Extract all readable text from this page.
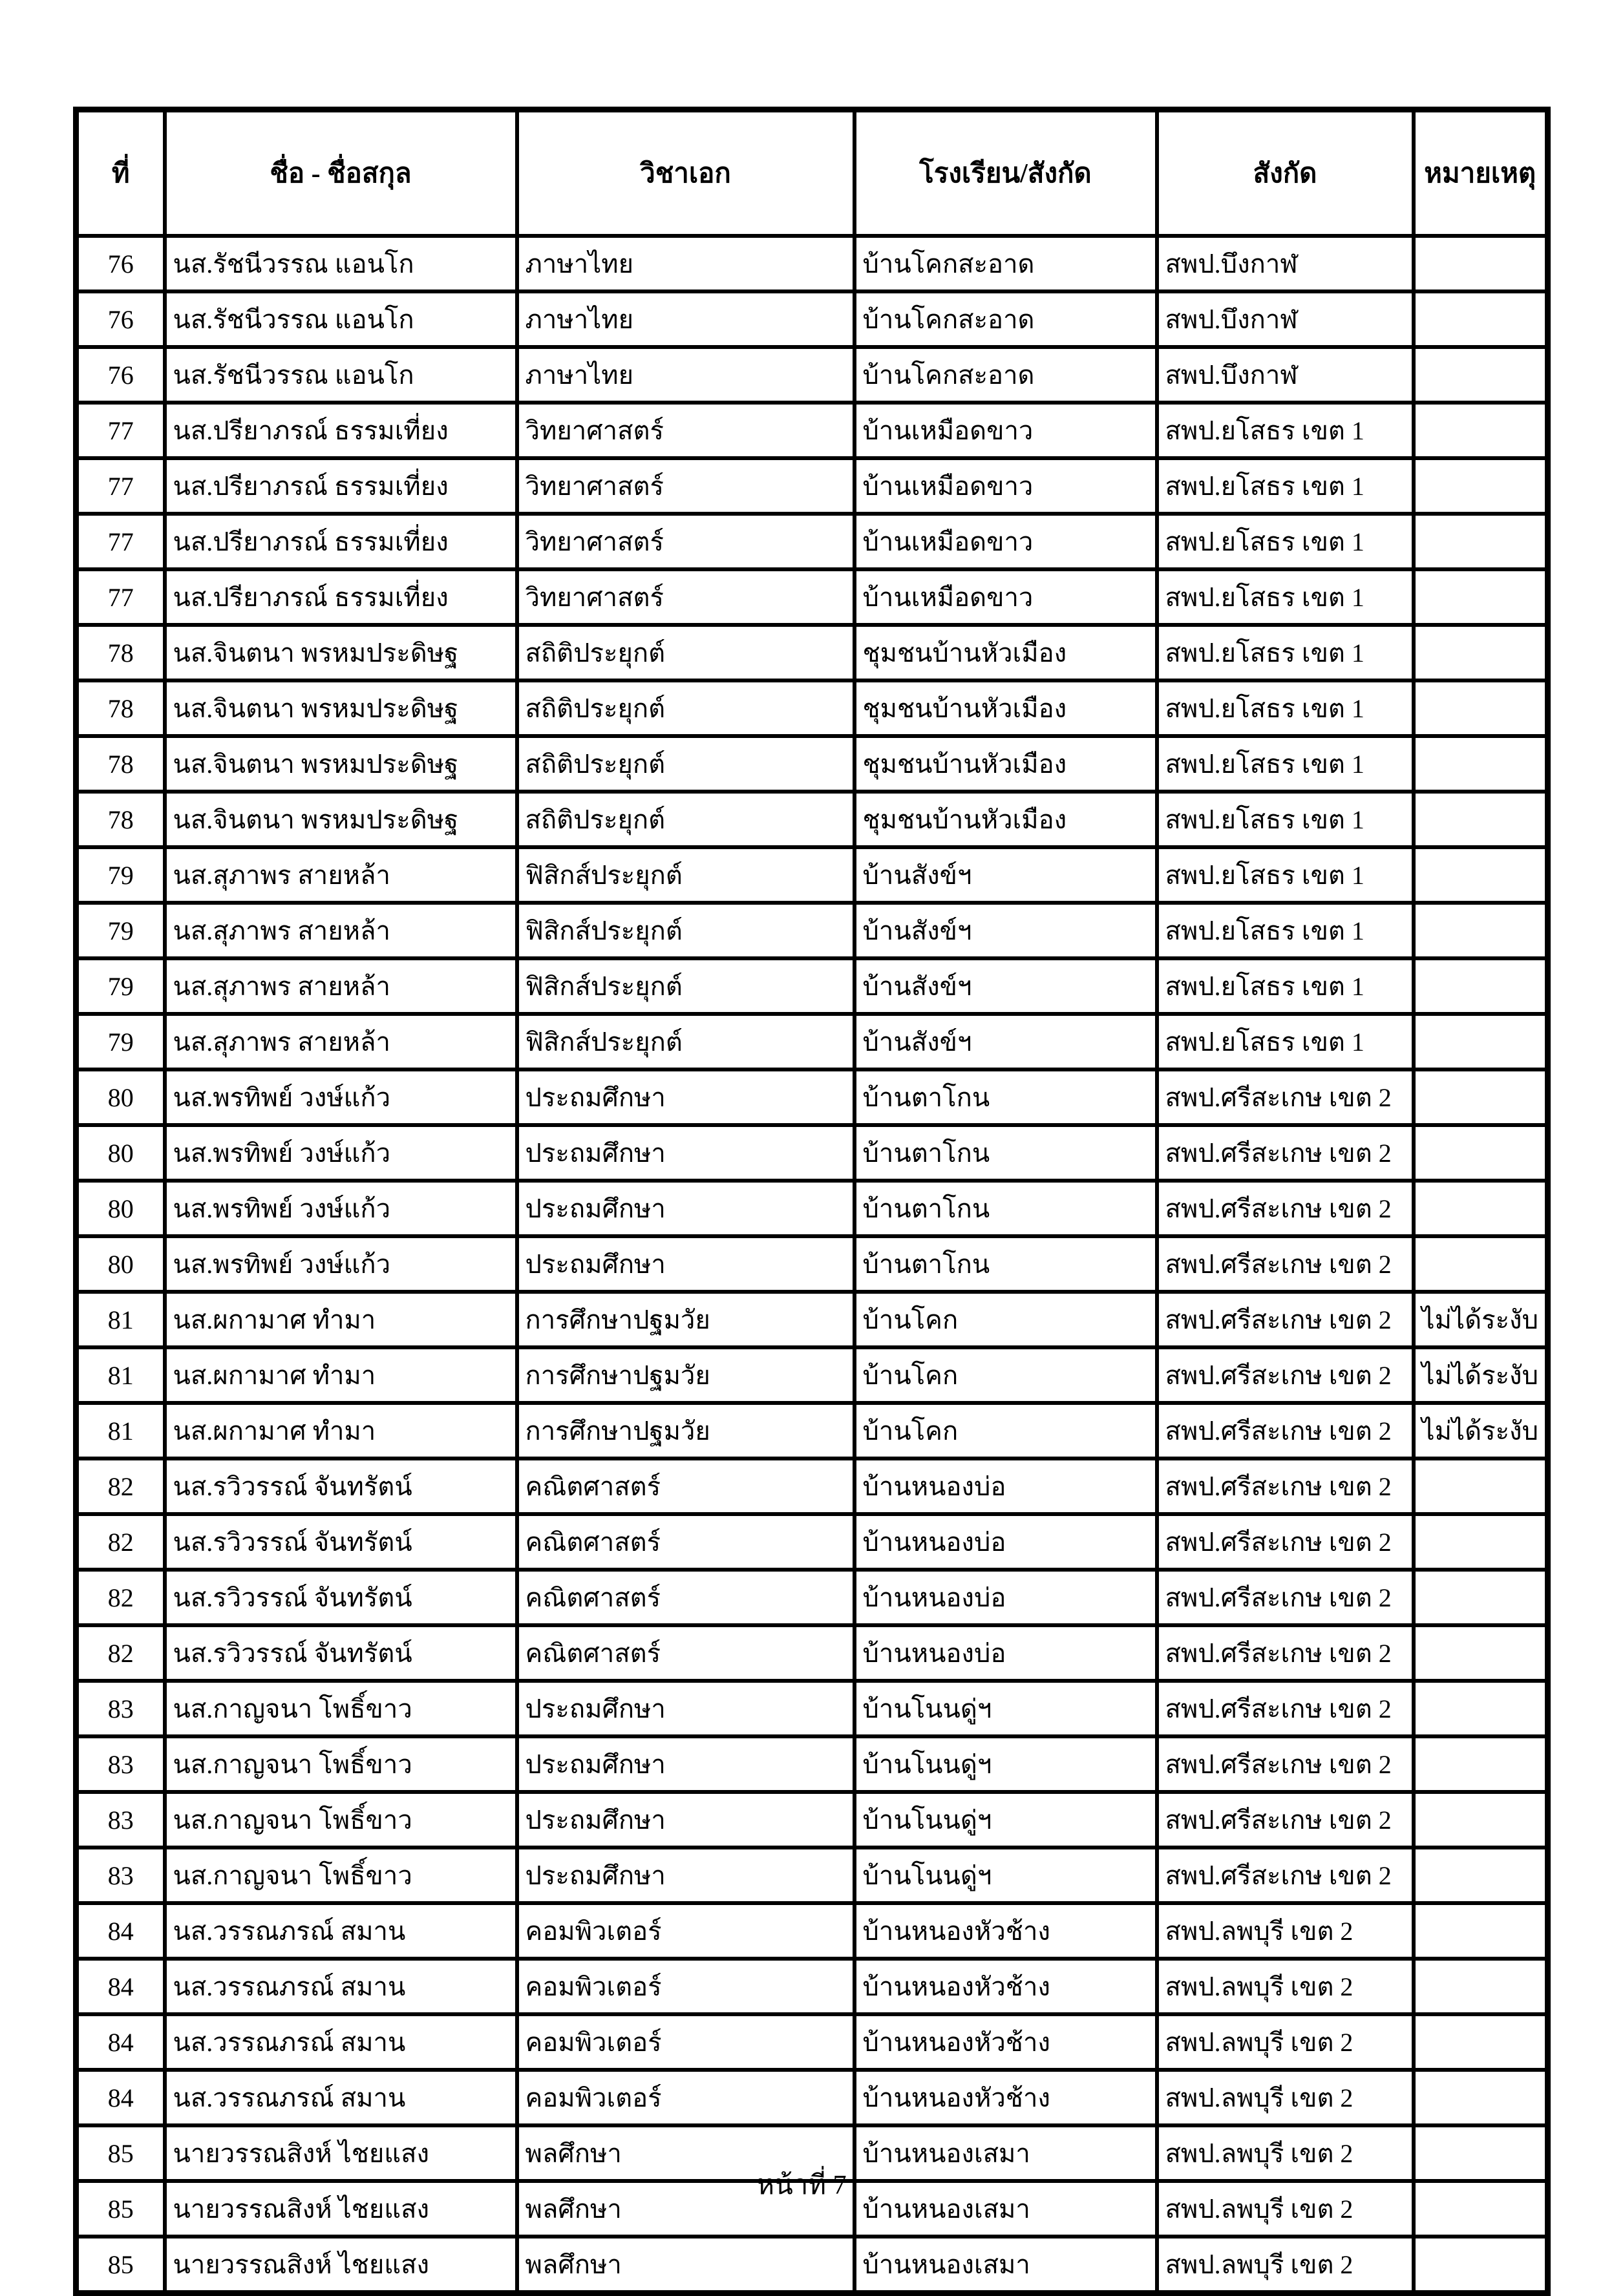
ที่	ชื่อ - ชื่อสกุล	วิชาเอก	โรงเรียน/สังกัด	สังกัด	หมายเหตุ
76	นส.รัชนีวรรณ แอนโก	ภาษาไทย	บ้านโคกสะอาด	สพป.บึงกาฬ	
76	นส.รัชนีวรรณ แอนโก	ภาษาไทย	บ้านโคกสะอาด	สพป.บึงกาฬ	
76	นส.รัชนีวรรณ แอนโก	ภาษาไทย	บ้านโคกสะอาด	สพป.บึงกาฬ	
77	นส.ปรียาภรณ์ ธรรมเที่ยง	วิทยาศาสตร์	บ้านเหมือดขาว	สพป.ยโสธร เขต 1	
77	นส.ปรียาภรณ์ ธรรมเที่ยง	วิทยาศาสตร์	บ้านเหมือดขาว	สพป.ยโสธร เขต 1	
77	นส.ปรียาภรณ์ ธรรมเที่ยง	วิทยาศาสตร์	บ้านเหมือดขาว	สพป.ยโสธร เขต 1	
77	นส.ปรียาภรณ์ ธรรมเที่ยง	วิทยาศาสตร์	บ้านเหมือดขาว	สพป.ยโสธร เขต 1	
78	นส.จินตนา พรหมประดิษฐ	สถิติประยุกต์	ชุมชนบ้านหัวเมือง	สพป.ยโสธร เขต 1	
78	นส.จินตนา พรหมประดิษฐ	สถิติประยุกต์	ชุมชนบ้านหัวเมือง	สพป.ยโสธร เขต 1	
78	นส.จินตนา พรหมประดิษฐ	สถิติประยุกต์	ชุมชนบ้านหัวเมือง	สพป.ยโสธร เขต 1	
78	นส.จินตนา พรหมประดิษฐ	สถิติประยุกต์	ชุมชนบ้านหัวเมือง	สพป.ยโสธร เขต 1	
79	นส.สุภาพร สายหล้า	ฟิสิกส์ประยุกต์	บ้านสังข์ฯ	สพป.ยโสธร เขต 1	
79	นส.สุภาพร สายหล้า	ฟิสิกส์ประยุกต์	บ้านสังข์ฯ	สพป.ยโสธร เขต 1	
79	นส.สุภาพร สายหล้า	ฟิสิกส์ประยุกต์	บ้านสังข์ฯ	สพป.ยโสธร เขต 1	
79	นส.สุภาพร สายหล้า	ฟิสิกส์ประยุกต์	บ้านสังข์ฯ	สพป.ยโสธร เขต 1	
80	นส.พรทิพย์ วงษ์แก้ว	ประถมศึกษา	บ้านตาโกน	สพป.ศรีสะเกษ เขต 2	
80	นส.พรทิพย์ วงษ์แก้ว	ประถมศึกษา	บ้านตาโกน	สพป.ศรีสะเกษ เขต 2	
80	นส.พรทิพย์ วงษ์แก้ว	ประถมศึกษา	บ้านตาโกน	สพป.ศรีสะเกษ เขต 2	
80	นส.พรทิพย์ วงษ์แก้ว	ประถมศึกษา	บ้านตาโกน	สพป.ศรีสะเกษ เขต 2	
81	นส.ผกามาศ ทำมา	การศึกษาปฐมวัย	บ้านโคก	สพป.ศรีสะเกษ เขต 2	ไม่ได้ระงับ
81	นส.ผกามาศ ทำมา	การศึกษาปฐมวัย	บ้านโคก	สพป.ศรีสะเกษ เขต 2	ไม่ได้ระงับ
81	นส.ผกามาศ ทำมา	การศึกษาปฐมวัย	บ้านโคก	สพป.ศรีสะเกษ เขต 2	ไม่ได้ระงับ
82	นส.รวิวรรณ์ จันทรัตน์	คณิตศาสตร์	บ้านหนองบ่อ	สพป.ศรีสะเกษ เขต 2	
82	นส.รวิวรรณ์ จันทรัตน์	คณิตศาสตร์	บ้านหนองบ่อ	สพป.ศรีสะเกษ เขต 2	
82	นส.รวิวรรณ์ จันทรัตน์	คณิตศาสตร์	บ้านหนองบ่อ	สพป.ศรีสะเกษ เขต 2	
82	นส.รวิวรรณ์ จันทรัตน์	คณิตศาสตร์	บ้านหนองบ่อ	สพป.ศรีสะเกษ เขต 2	
83	นส.กาญจนา โพธิ์ขาว	ประถมศึกษา	บ้านโนนดู่ฯ	สพป.ศรีสะเกษ เขต 2	
83	นส.กาญจนา โพธิ์ขาว	ประถมศึกษา	บ้านโนนดู่ฯ	สพป.ศรีสะเกษ เขต 2	
83	นส.กาญจนา โพธิ์ขาว	ประถมศึกษา	บ้านโนนดู่ฯ	สพป.ศรีสะเกษ เขต 2	
83	นส.กาญจนา โพธิ์ขาว	ประถมศึกษา	บ้านโนนดู่ฯ	สพป.ศรีสะเกษ เขต 2	
84	นส.วรรณภรณ์ สมาน	คอมพิวเตอร์	บ้านหนองหัวช้าง	สพป.ลพบุรี เขต 2	
84	นส.วรรณภรณ์ สมาน	คอมพิวเตอร์	บ้านหนองหัวช้าง	สพป.ลพบุรี เขต 2	
84	นส.วรรณภรณ์ สมาน	คอมพิวเตอร์	บ้านหนองหัวช้าง	สพป.ลพบุรี เขต 2	
84	นส.วรรณภรณ์ สมาน	คอมพิวเตอร์	บ้านหนองหัวช้าง	สพป.ลพบุรี เขต 2	
85	นายวรรณสิงห์ ไชยแสง	พลศึกษา	บ้านหนองเสมา	สพป.ลพบุรี เขต 2	
85	นายวรรณสิงห์ ไชยแสง	พลศึกษา	บ้านหนองเสมา	สพป.ลพบุรี เขต 2	
85	นายวรรณสิงห์ ไชยแสง	พลศึกษา	บ้านหนองเสมา	สพป.ลพบุรี เขต 2	
หน้าที่ 7
